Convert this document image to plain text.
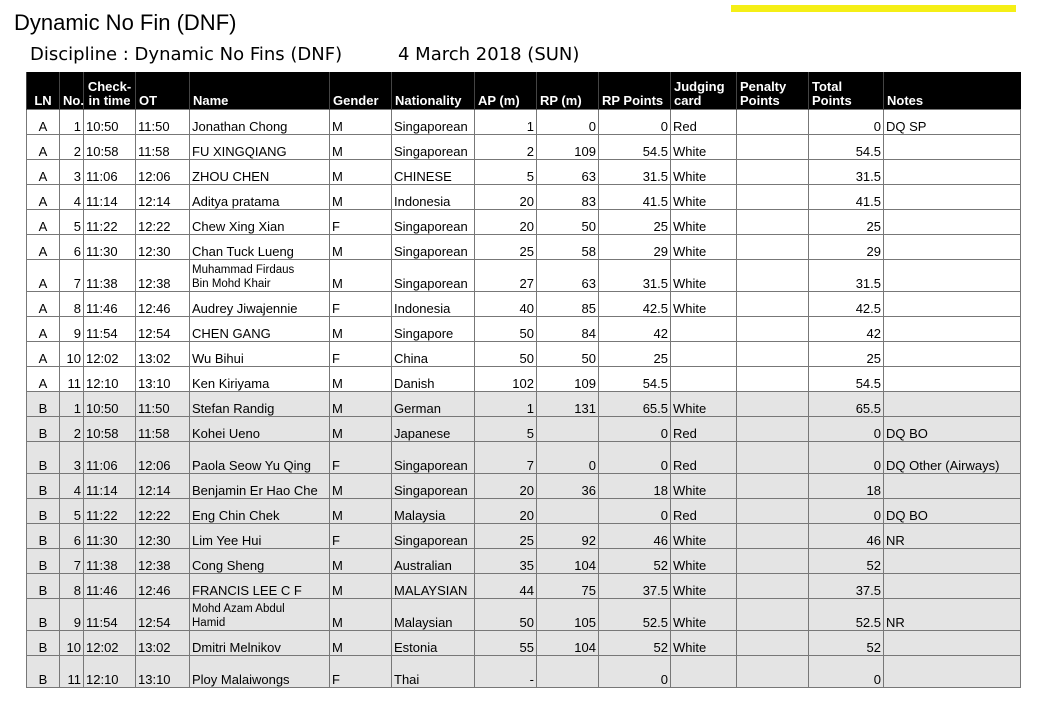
Dynamic No Fin (DNF)
Discipline : Dynamic No Fins (DNF)	4 March 2018 (SUN)
LN	No.	Check- in time	OT	Name	Gender	Nationality	AP (m)	RP (m)	RP Points	Judging card	Penalty Points	Total Points	Notes
A	1	10:50	11:50	Jonathan Chong	M	Singaporean	1	0	0	Red		0	DQ SP
A	2	10:58	11:58	FU XINGQIANG	M	Singaporean	2	109	54.5	White		54.5	
A	3	11:06	12:06	ZHOU CHEN	M	CHINESE	5	63	31.5	White		31.5	
A	4	11:14	12:14	Aditya pratama	M	Indonesia	20	83	41.5	White		41.5	
A	5	11:22	12:22	Chew Xing Xian	F	Singaporean	20	50	25	White		25	
A	6	11:30	12:30	Chan Tuck Lueng	M	Singaporean	25	58	29	White		29	
A	7	11:38	12:38	Muhammad Firdaus
Bin Mohd Khair	M	Singaporean	27	63	31.5	White		31.5	
A	8	11:46	12:46	Audrey Jiwajennie	F	Indonesia	40	85	42.5	White		42.5	
A	9	11:54	12:54	CHEN GANG	M	Singapore	50	84	42			42	
A	10	12:02	13:02	Wu Bihui	F	China	50	50	25			25	
A	11	12:10	13:10	Ken Kiriyama	M	Danish	102	109	54.5			54.5	
B	1	10:50	11:50	Stefan Randig	M	German	1	131	65.5	White		65.5	
B	2	10:58	11:58	Kohei Ueno	M	Japanese	5		0	Red		0	DQ BO
B	3	11:06	12:06	Paola Seow Yu Qing	F	Singaporean	7	0	0	Red		0	DQ Other (Airways)
B	4	11:14	12:14	Benjamin Er Hao Che	M	Singaporean	20	36	18	White		18	
B	5	11:22	12:22	Eng Chin Chek	M	Malaysia	20		0	Red		0	DQ BO
B	6	11:30	12:30	Lim Yee Hui	F	Singaporean	25	92	46	White		46	NR
B	7	11:38	12:38	Cong Sheng	M	Australian	35	104	52	White		52	
B	8	11:46	12:46	FRANCIS LEE C F	M	MALAYSIAN	44	75	37.5	White		37.5	
B	9	11:54	12:54	Mohd Azam Abdul
Hamid	M	Malaysian	50	105	52.5	White		52.5	NR
B	10	12:02	13:02	Dmitri Melnikov	M	Estonia	55	104	52	White		52	
B	11	12:10	13:10	Ploy Malaiwongs	F	Thai	-		0			0	
